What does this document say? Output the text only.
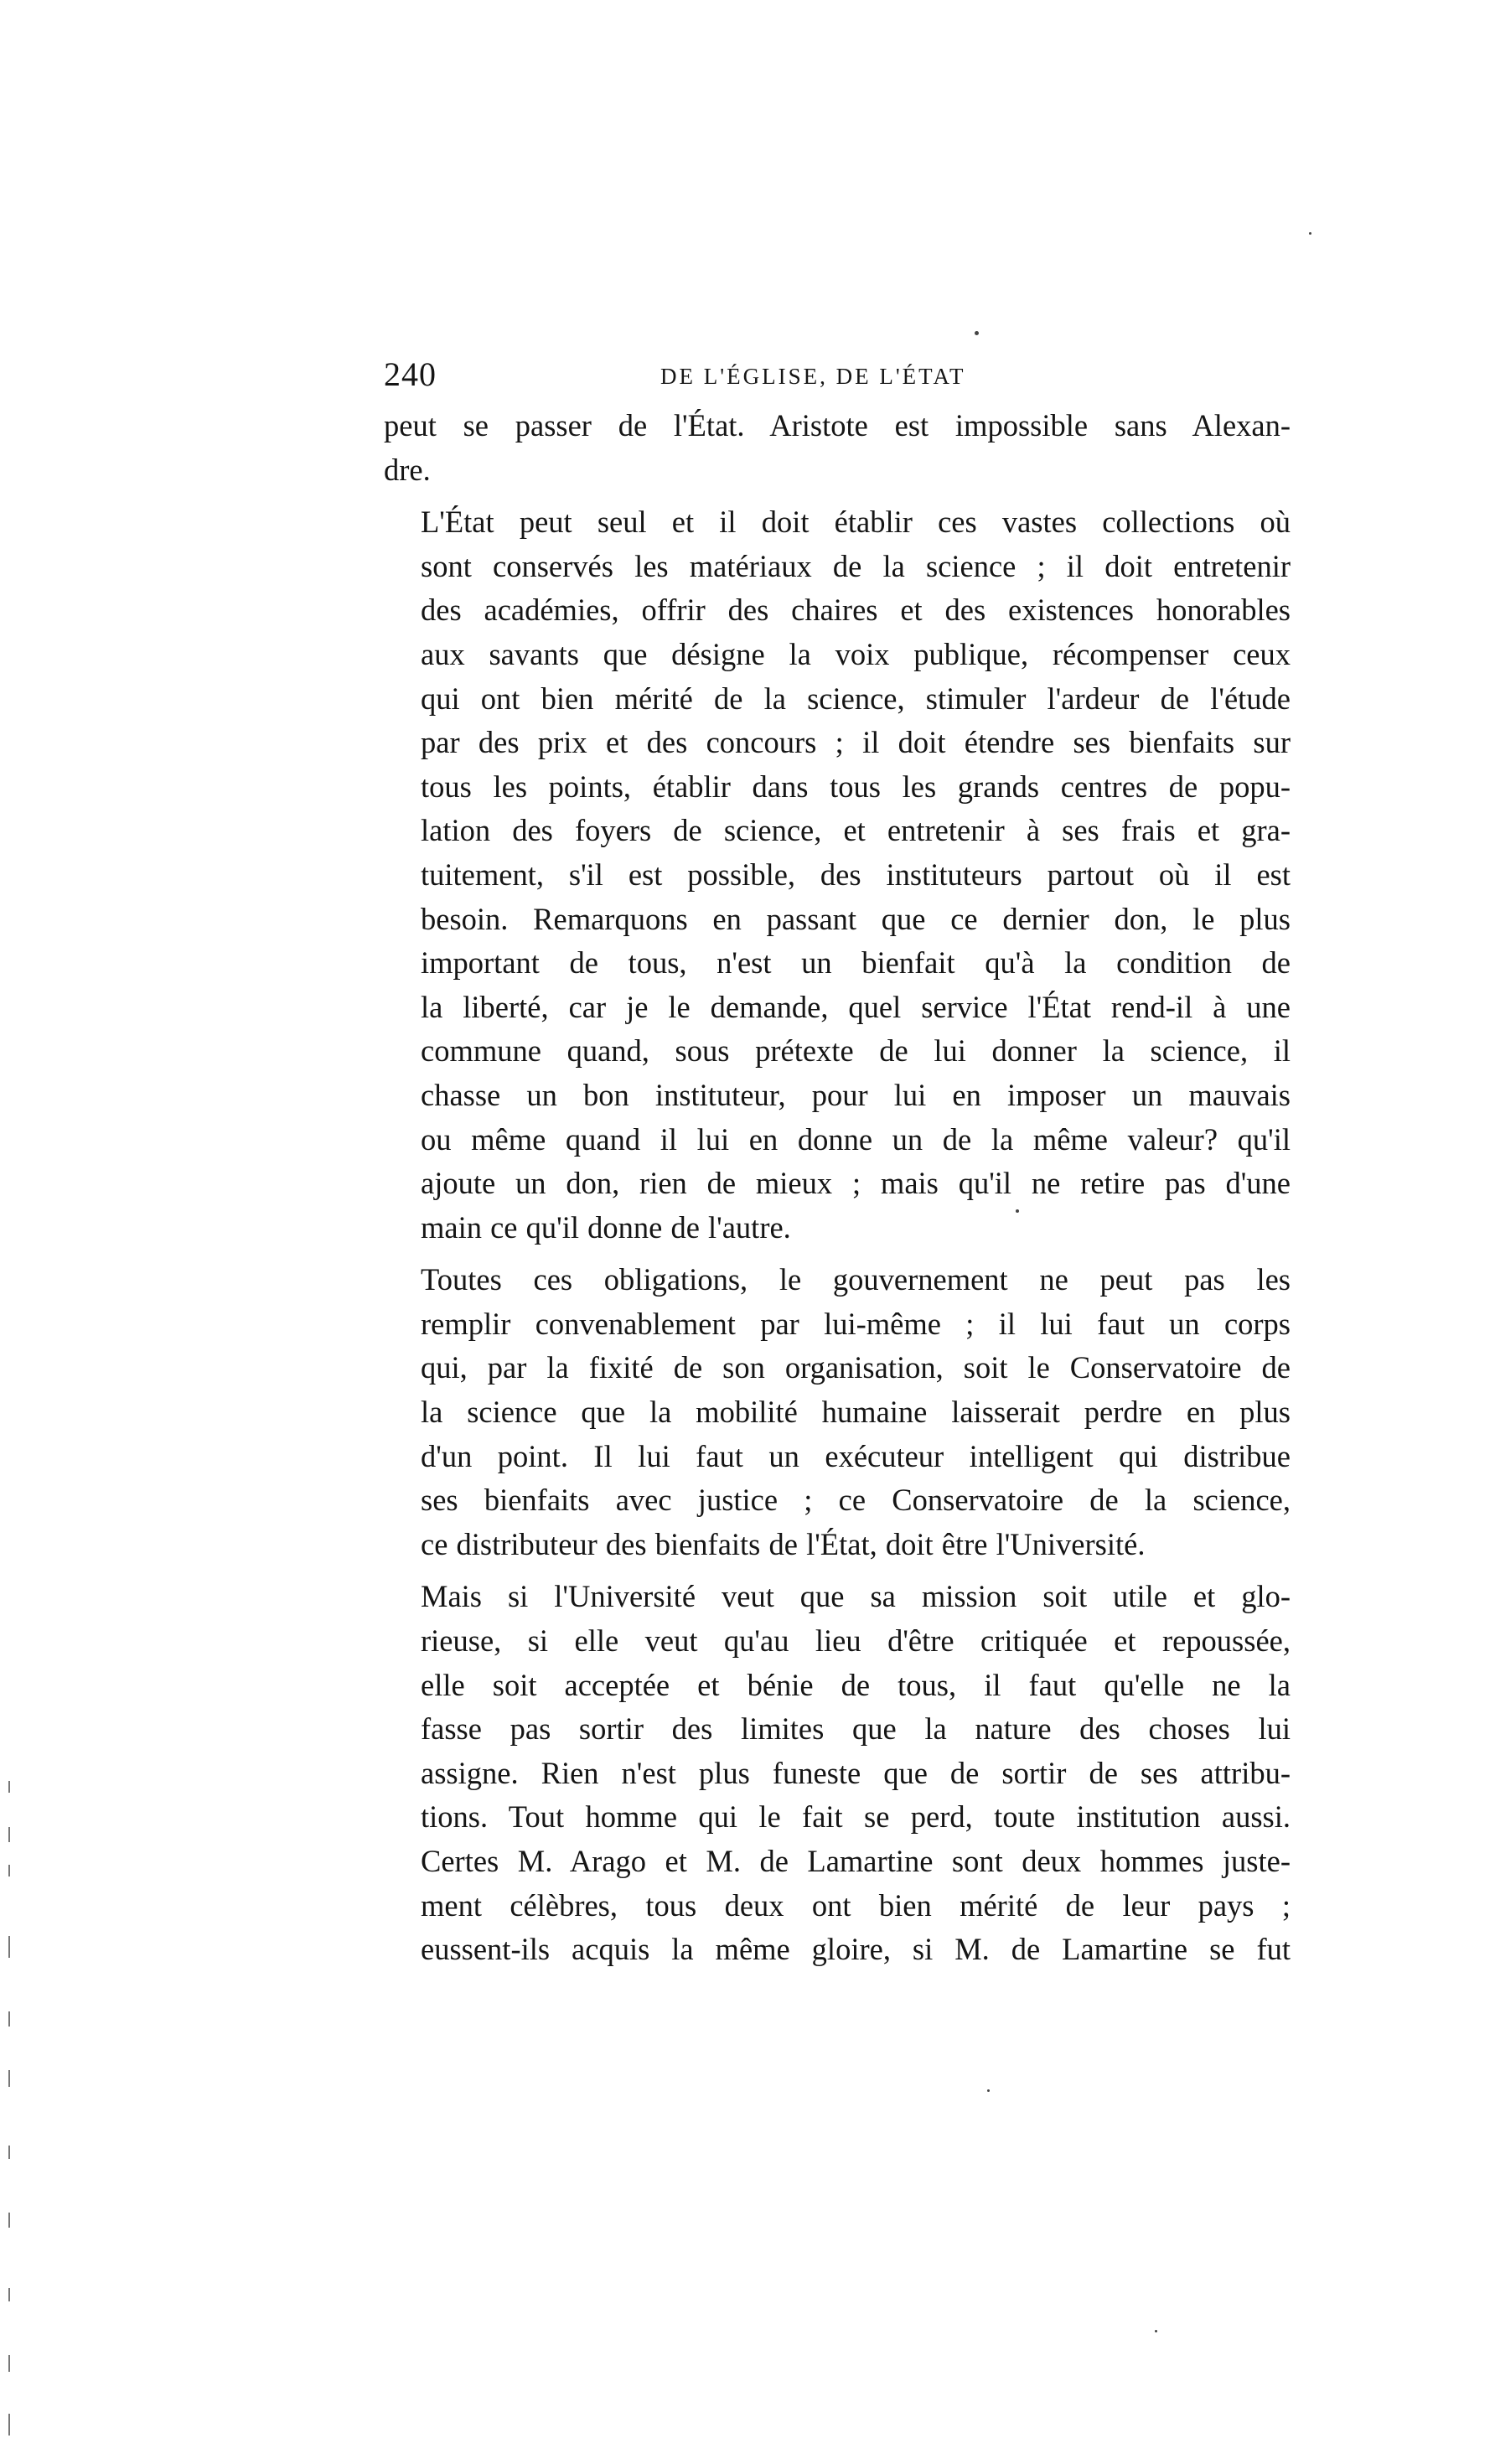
240	DE L'ÉGLISE, DE L'ÉTAT

peut se passer de l'État. Aristote est impossible sans Alexan-
dre.

L'État peut seul et il doit établir ces vastes collections où
sont conservés les matériaux de la science ; il doit entretenir
des académies, offrir des chaires et des existences honorables
aux savants que désigne la voix publique, récompenser ceux
qui ont bien mérité de la science, stimuler l'ardeur de l'étude
par des prix et des concours ; il doit étendre ses bienfaits sur
tous les points, établir dans tous les grands centres de popu-
lation des foyers de science, et entretenir à ses frais et gra-
tuitement, s'il est possible, des instituteurs partout où il est
besoin. Remarquons en passant que ce dernier don, le plus
important de tous, n'est un bienfait qu'à la condition de
la liberté, car je le demande, quel service l'État rend-il à une
commune quand, sous prétexte de lui donner la science, il
chasse un bon instituteur, pour lui en imposer un mauvais
ou même quand il lui en donne un de la même valeur? qu'il
ajoute un don, rien de mieux ; mais qu'il ne retire pas d'une
main ce qu'il donne de l'autre.

Toutes ces obligations, le gouvernement ne peut pas les
remplir convenablement par lui-même ; il lui faut un corps
qui, par la fixité de son organisation, soit le Conservatoire de
la science que la mobilité humaine laisserait perdre en plus
d'un point. Il lui faut un exécuteur intelligent qui distribue
ses bienfaits avec justice ; ce Conservatoire de la science,
ce distributeur des bienfaits de l'État, doit être l'Université.

Mais si l'Université veut que sa mission soit utile et glo-
rieuse, si elle veut qu'au lieu d'être critiquée et repoussée,
elle soit acceptée et bénie de tous, il faut qu'elle ne la
fasse pas sortir des limites que la nature des choses lui
assigne. Rien n'est plus funeste que de sortir de ses attribu-
tions. Tout homme qui le fait se perd, toute institution aussi.
Certes M. Arago et M. de Lamartine sont deux hommes juste-
ment célèbres, tous deux ont bien mérité de leur pays ;
eussent-ils acquis la même gloire, si M. de Lamartine se fut
